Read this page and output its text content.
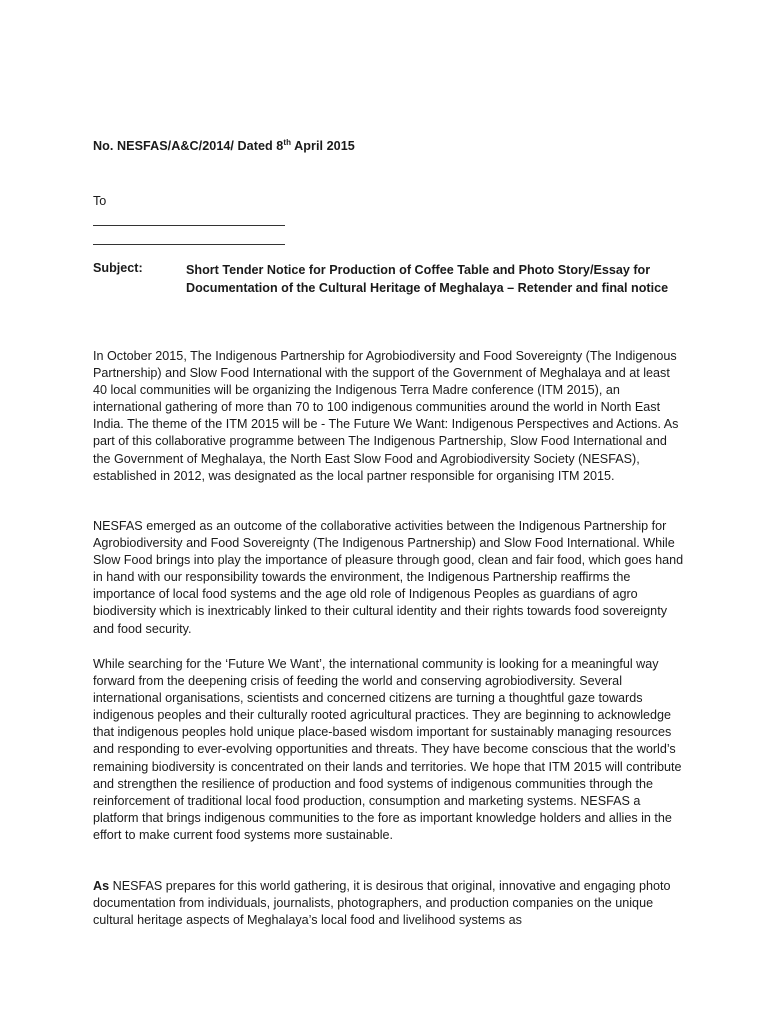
No. NESFAS/A&C/2014/ Dated 8th April 2015
To
Subject:	Short Tender Notice for Production of Coffee Table and Photo Story/Essay for Documentation of the Cultural Heritage of Meghalaya – Retender and final notice

In October 2015, The Indigenous Partnership for Agrobiodiversity and Food Sovereignty (The Indigenous Partnership) and Slow Food International with the support of the Government of Meghalaya and at least 40 local communities will be organizing the Indigenous Terra Madre conference (ITM 2015), an international gathering of more than 70 to 100 indigenous communities around the world in North East India. The theme of the ITM 2015 will be - The Future We Want: Indigenous Perspectives and Actions. As part of this collaborative programme between The Indigenous Partnership, Slow Food International and the Government of Meghalaya, the North East Slow Food and Agrobiodiversity Society (NESFAS), established in 2012, was designated as the local partner responsible for organising ITM 2015.

NESFAS emerged as an outcome of the collaborative activities between the Indigenous Partnership for Agrobiodiversity and Food Sovereignty (The Indigenous Partnership) and Slow Food International. While Slow Food brings into play the importance of pleasure through good, clean and fair food, which goes hand in hand with our responsibility towards the environment, the Indigenous Partnership reaffirms the importance of local food systems and the age old role of Indigenous Peoples as guardians of agro biodiversity which is inextricably linked to their cultural identity and their rights towards food sovereignty and food security.

While searching for the ‘Future We Want’, the international community is looking for a meaningful way forward from the deepening crisis of feeding the world and conserving agrobiodiversity. Several international organisations, scientists and concerned citizens are turning a thoughtful gaze towards indigenous peoples and their culturally rooted agricultural practices. They are beginning to acknowledge that indigenous peoples hold unique place-based wisdom important for sustainably managing resources and responding to ever-evolving opportunities and threats. They have become conscious that the world’s remaining biodiversity is concentrated on their lands and territories. We hope that ITM 2015 will contribute and strengthen the resilience of production and food systems of indigenous communities through the reinforcement of traditional local food production, consumption and marketing systems. NESFAS a platform that brings indigenous communities to the fore as important knowledge holders and allies in the effort to make current food systems more sustainable.

As NESFAS prepares for this world gathering, it is desirous that original, innovative and engaging photo documentation from individuals, journalists, photographers, and production companies on the unique cultural heritage aspects of Meghalaya’s local food and livelihood systems as
